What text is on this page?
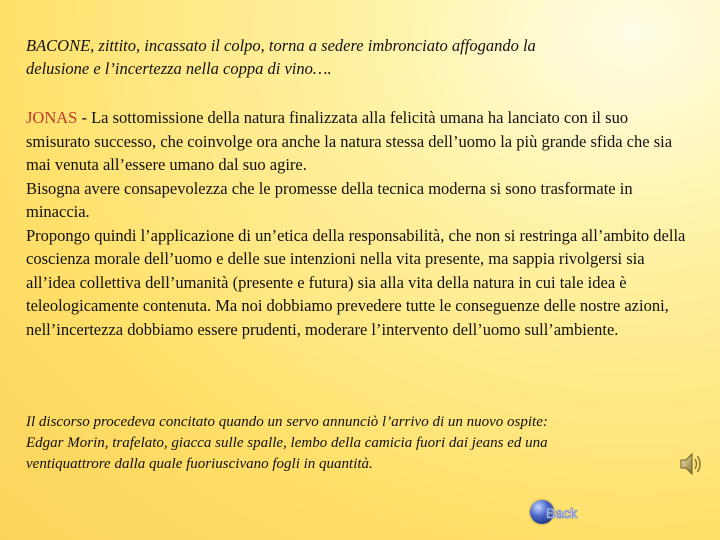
BACONE, zittito, incassato il colpo, torna a sedere imbronciato affogando la
delusione e l’incertezza nella coppa di vino….

JONAS - La sottomissione della natura finalizzata alla felicità umana ha lanciato con il suo smisurato successo, che coinvolge ora anche la natura stessa dell’uomo la più grande sfida che sia mai venuta all’essere umano dal suo agire.

Bisogna avere consapevolezza che le promesse della tecnica moderna si sono trasformate in minaccia.

Propongo quindi l’applicazione di un’etica della responsabilità, che non si restringa all’ambito della coscienza morale dell’uomo e delle sue intenzioni nella vita presente, ma sappia rivolgersi sia all’idea collettiva dell’umanità (presente e futura) sia alla vita della natura in cui tale idea è teleologicamente contenuta. Ma noi dobbiamo prevedere tutte le conseguenze delle nostre azioni, nell’incertezza dobbiamo essere prudenti, moderare l’intervento dell’uomo sull’ambiente.

Il discorso procedeva concitato quando un servo annunciò l’arrivo di un nuovo ospite:
Edgar Morin, trafelato, giacca sulle spalle, lembo della camicia fuori dai jeans ed una
ventiquattrore dalla quale fuoriuscivano fogli in quantità.
Back
